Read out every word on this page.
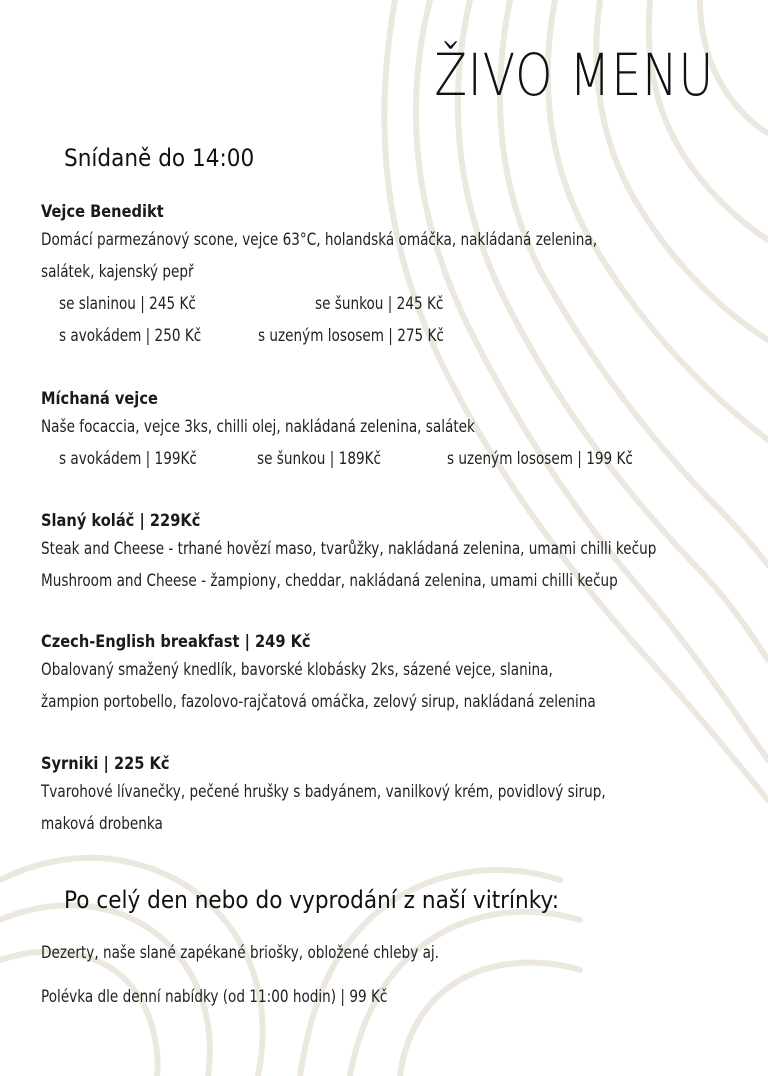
ŽIVO MENU
Snídaně do 14:00

Vejce Benedikt

Domácí parmezánový scone, vejce 63°C, holandská omáčka, nakládaná zelenina,

salátek, kajenský pepř

se slaninou | 245 Kč	se šunkou | 245 Kč
s avokádem | 250 Kč	s uzeným lososem | 275 Kč

Míchaná vejce

Naše focaccia, vejce 3ks, chilli olej, nakládaná zelenina, salátek

s avokádem | 199Kč	se šunkou | 189Kč	s uzeným lososem | 199 Kč

Slaný koláč | 229Kč

Steak and Cheese - trhané hovězí maso, tvarůžky, nakládaná zelenina, umami chilli kečup

Mushroom and Cheese - žampiony, cheddar, nakládaná zelenina, umami chilli kečup

Czech-English breakfast | 249 Kč

Obalovaný smažený knedlík, bavorské klobásky 2ks, sázené vejce, slanina,

žampion portobello, fazolovo-rajčatová omáčka, zelový sirup, nakládaná zelenina

Syrniki | 225 Kč

Tvarohové lívanečky, pečené hrušky s badyánem, vanilkový krém, povidlový sirup,

maková drobenka

Po celý den nebo do vyprodání z naší vitrínky:

Dezerty, naše slané zapékané briošky, obložené chleby aj.

Polévka dle denní nabídky (od 11:00 hodin) | 99 Kč
